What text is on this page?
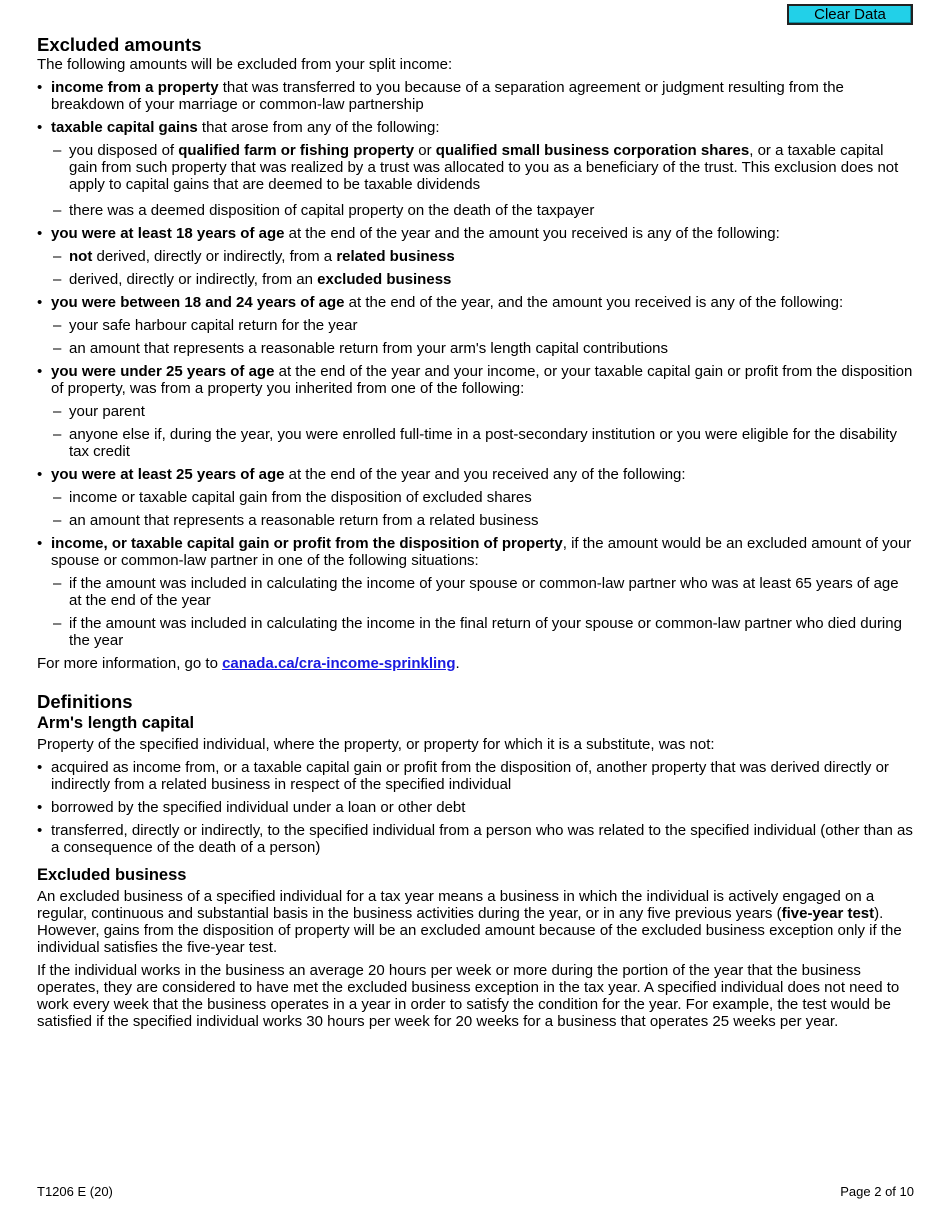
Clear Data
Excluded amounts

The following amounts will be excluded from your split income:

• income from a property that was transferred to you because of a separation agreement or judgment resulting from the breakdown of your marriage or common-law partnership
• taxable capital gains that arose from any of the following:
– you disposed of qualified farm or fishing property or qualified small business corporation shares, or a taxable capital gain from such property that was realized by a trust was allocated to you as a beneficiary of the trust. This exclusion does not apply to capital gains that are deemed to be taxable dividends
– there was a deemed disposition of capital property on the death of the taxpayer
• you were at least 18 years of age at the end of the year and the amount you received is any of the following:
– not derived, directly or indirectly, from a related business
– derived, directly or indirectly, from an excluded business
• you were between 18 and 24 years of age at the end of the year, and the amount you received is any of the following:
– your safe harbour capital return for the year
– an amount that represents a reasonable return from your arm's length capital contributions
• you were under 25 years of age at the end of the year and your income, or your taxable capital gain or profit from the disposition of property, was from a property you inherited from one of the following:
– your parent
– anyone else if, during the year, you were enrolled full-time in a post-secondary institution or you were eligible for the disability tax credit
• you were at least 25 years of age at the end of the year and you received any of the following:
– income or taxable capital gain from the disposition of excluded shares
– an amount that represents a reasonable return from a related business
• income, or taxable capital gain or profit from the disposition of property, if the amount would be an excluded amount of your spouse or common-law partner in one of the following situations:
– if the amount was included in calculating the income of your spouse or common-law partner who was at least 65 years of age at the end of the year
– if the amount was included in calculating the income in the final return of your spouse or common-law partner who died during the year

For more information, go to canada.ca/cra-income-sprinkling.

Definitions
Arm's length capital

Property of the specified individual, where the property, or property for which it is a substitute, was not:

• acquired as income from, or a taxable capital gain or profit from the disposition of, another property that was derived directly or indirectly from a related business in respect of the specified individual
• borrowed by the specified individual under a loan or other debt
• transferred, directly or indirectly, to the specified individual from a person who was related to the specified individual (other than as a consequence of the death of a person)
Excluded business

An excluded business of a specified individual for a tax year means a business in which the individual is actively engaged on a regular, continuous and substantial basis in the business activities during the year, or in any five previous years (five-year test). However, gains from the disposition of property will be an excluded amount because of the excluded business exception only if the individual satisfies the five-year test.

If the individual works in the business an average 20 hours per week or more during the portion of the year that the business operates, they are considered to have met the excluded business exception in the tax year. A specified individual does not need to work every week that the business operates in a year in order to satisfy the condition for the year. For example, the test would be satisfied if the specified individual works 30 hours per week for 20 weeks for a business that operates 25 weeks per year.

T1206 E (20)	Page 2 of 10
